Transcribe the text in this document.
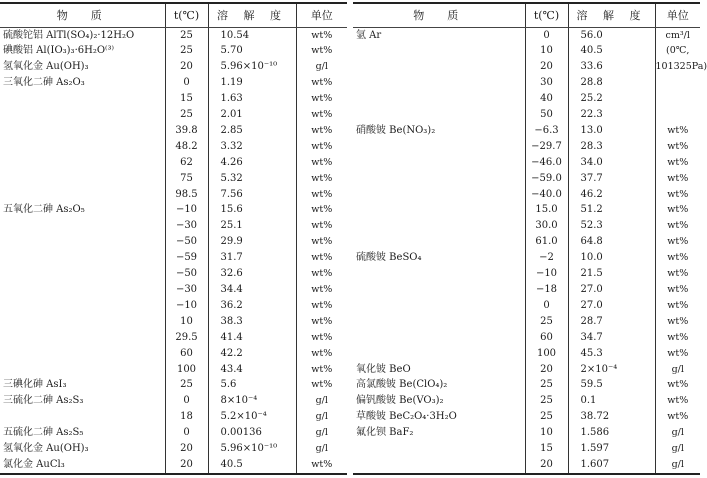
物　质	t(℃)	溶 解 度	单位
硫酸铊铝 AlTl(SO₄)₂·12H₂O	25	10.54	wt%
碘酸铝 Al(IO₃)₃·6H₂O⁽³⁾	25	5.70	wt%
氢氧化金 Au(OH)₃	20	5.96×10⁻¹⁰	g/l
三氧化二砷 As₂O₃	0	1.19	wt%
	15	1.63	wt%
	25	2.01	wt%
	39.8	2.85	wt%
	48.2	3.32	wt%
	62	4.26	wt%
	75	5.32	wt%
	98.5	7.56	wt%
五氧化二砷 As₂O₅	−10	15.6	wt%
	−30	25.1	wt%
	−50	29.9	wt%
	−59	31.7	wt%
	−50	32.6	wt%
	−30	34.4	wt%
	−10	36.2	wt%
	10	38.3	wt%
	29.5	41.4	wt%
	60	42.2	wt%
	100	43.4	wt%
三碘化砷 AsI₃	25	5.6	wt%
三硫化二砷 As₂S₃	0	8×10⁻⁴	g/l
	18	5.2×10⁻⁴	g/l
五硫化二砷 As₂S₅	0	0.00136	g/l
氢氧化金 Au(OH)₃	20	5.96×10⁻¹⁰	g/l
氯化金 AuCl₃	20	40.5	wt%
物　质	t(℃)	溶 解 度	单位
氩 Ar	0	56.0	cm³/l
	10	40.5	(0℃,
	20	33.6	101325Pa)
	30	28.8	
	40	25.2	
	50	22.3	
硝酸铍 Be(NO₃)₂	−6.3	13.0	wt%
	−29.7	28.3	wt%
	−46.0	34.0	wt%
	−59.0	37.7	wt%
	−40.0	46.2	wt%
	15.0	51.2	wt%
	30.0	52.3	wt%
	61.0	64.8	wt%
硫酸铍 BeSO₄	−2	10.0	wt%
	−10	21.5	wt%
	−18	27.0	wt%
	0	27.0	wt%
	25	28.7	wt%
	60	34.7	wt%
	100	45.3	wt%
氧化铍 BeO	20	2×10⁻⁴	g/l
高氯酸铍 Be(ClO₄)₂	25	59.5	wt%
偏钒酸铍 Be(VO₃)₂	25	0.1	wt%
草酸铍 BeC₂O₄·3H₂O	25	38.72	wt%
氟化钡 BaF₂	10	1.586	g/l
	15	1.597	g/l
	20	1.607	g/l
